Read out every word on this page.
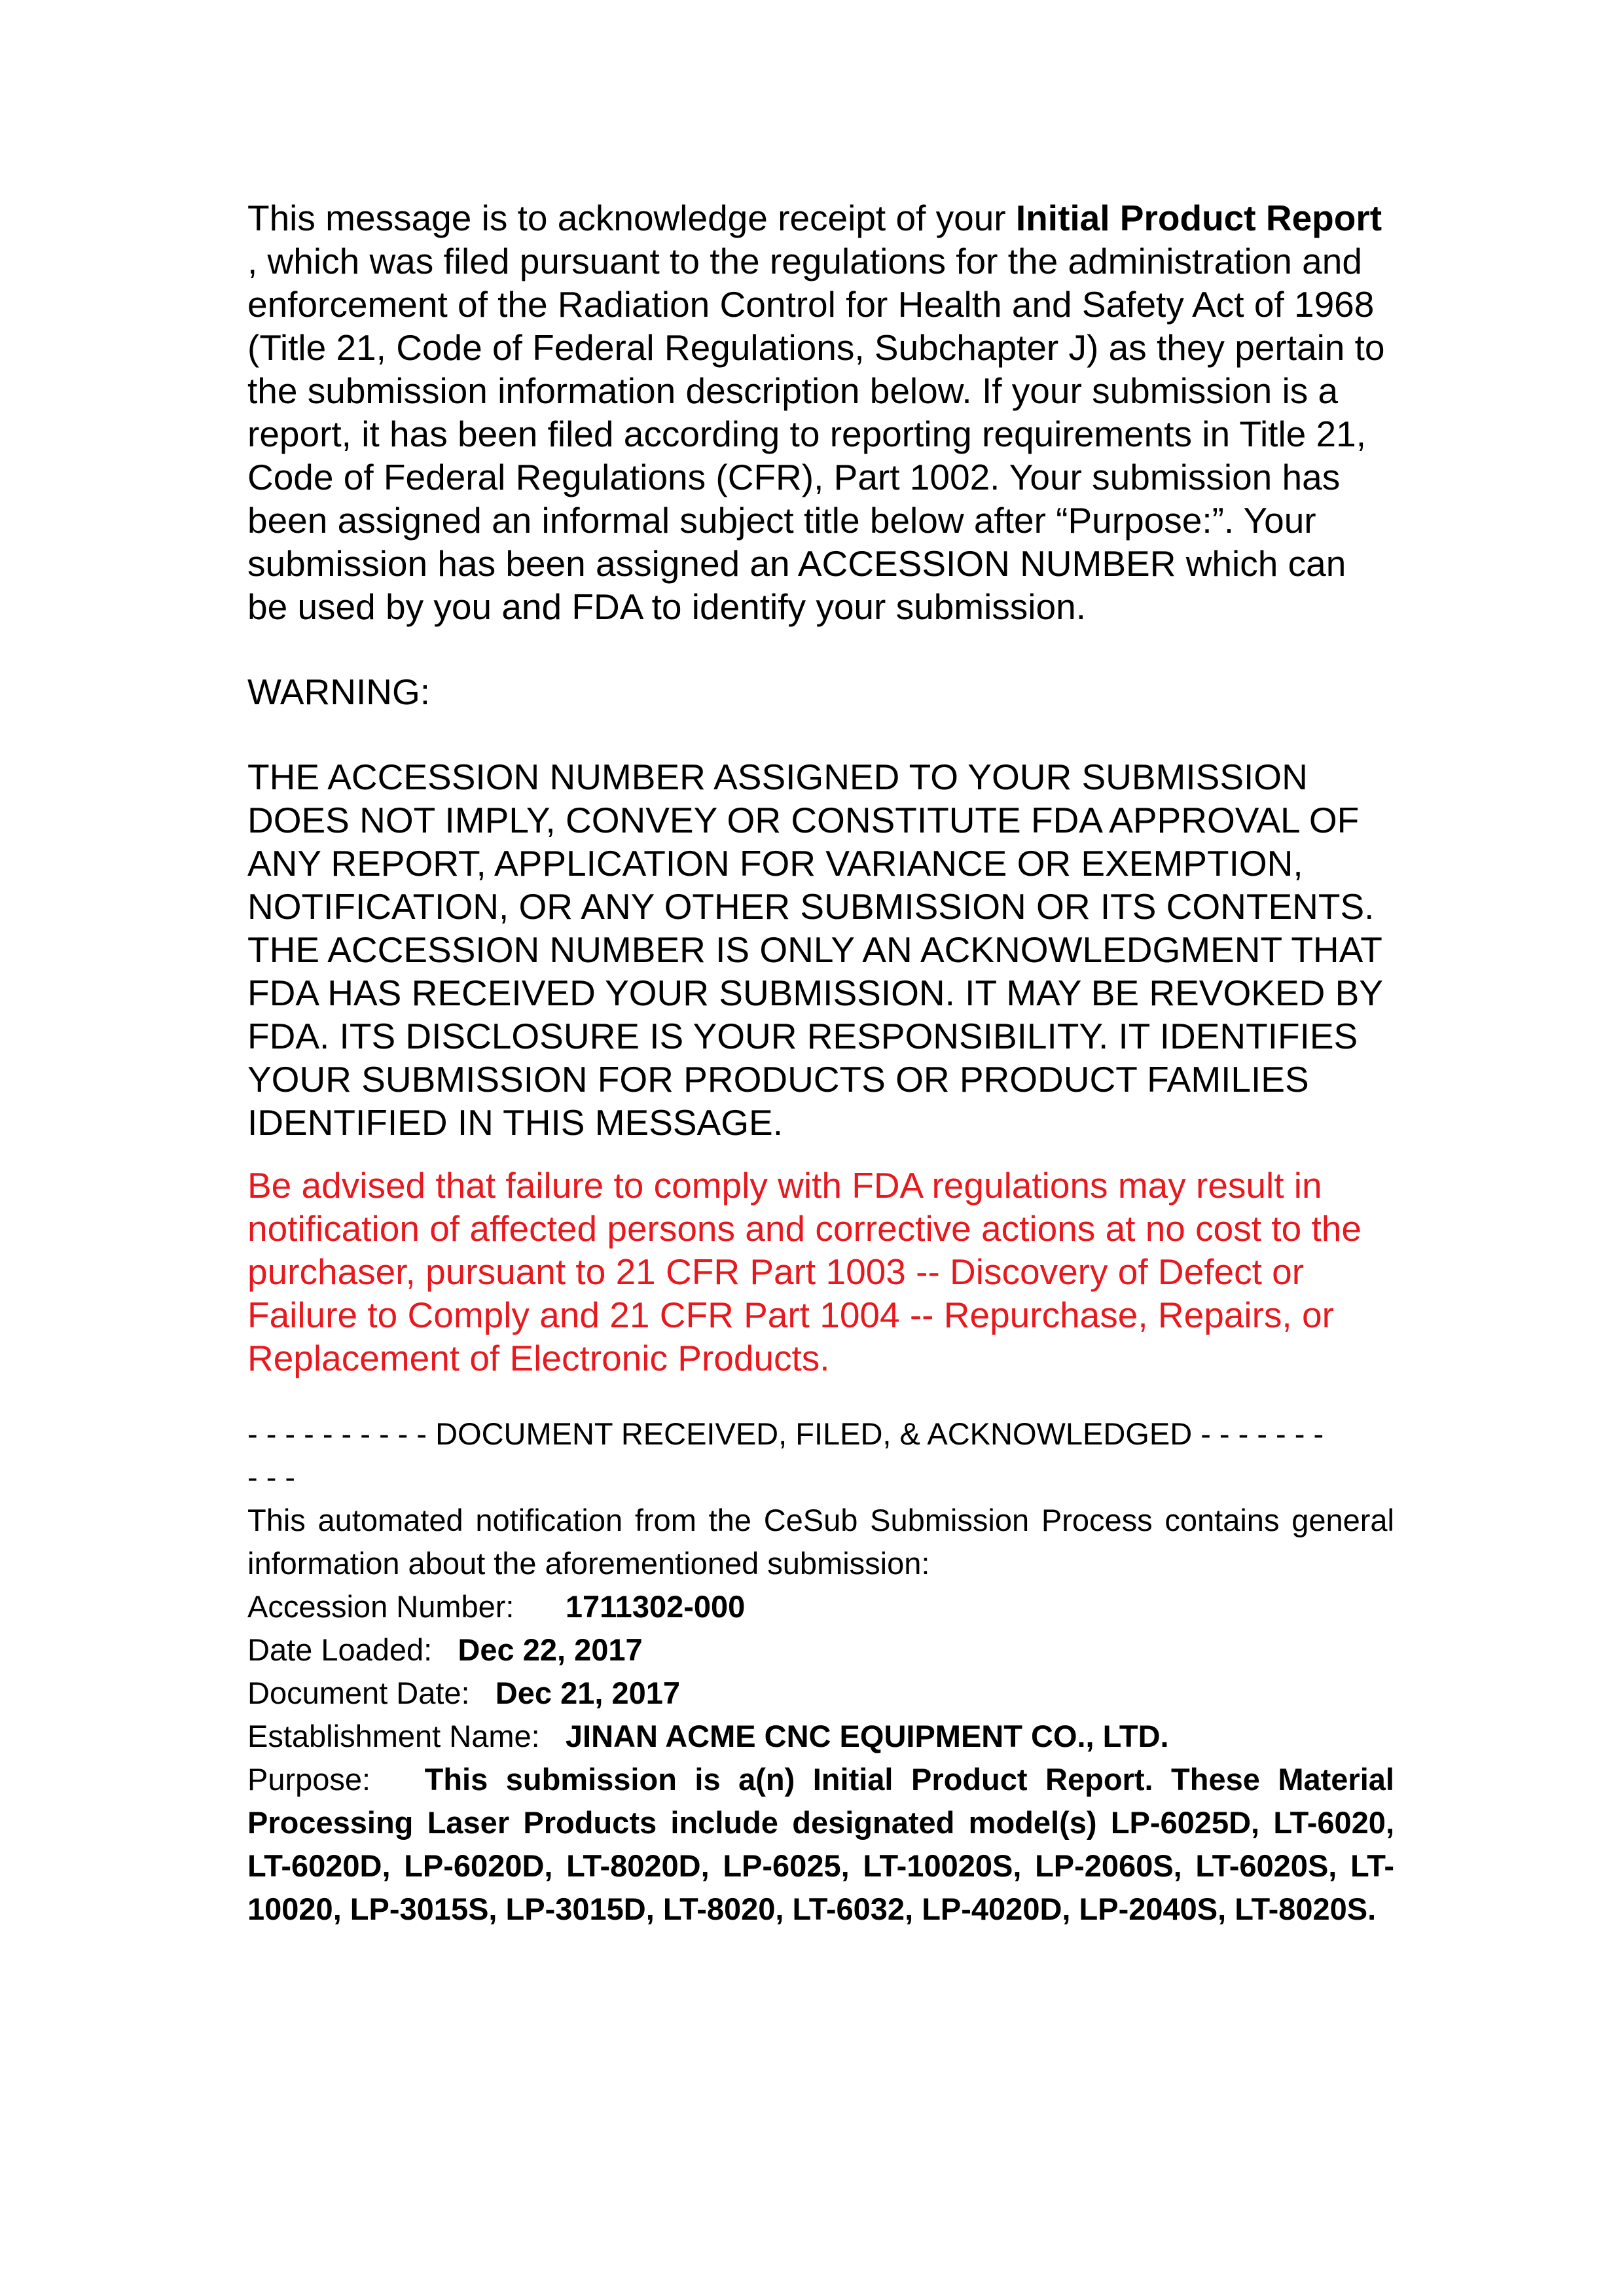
This message is to acknowledge receipt of your Initial Product Report , which was filed pursuant to the regulations for the administration and enforcement of the Radiation Control for Health and Safety Act of 1968 (Title 21, Code of Federal Regulations, Subchapter J) as they pertain to the submission information description below. If your submission is a report, it has been filed according to reporting requirements in Title 21, Code of Federal Regulations (CFR), Part 1002. Your submission has been assigned an informal subject title below after “Purpose:”. Your submission has been assigned an ACCESSION NUMBER which can be used by you and FDA to identify your submission.

WARNING:

THE ACCESSION NUMBER ASSIGNED TO YOUR SUBMISSION DOES NOT IMPLY, CONVEY OR CONSTITUTE FDA APPROVAL OF ANY REPORT, APPLICATION FOR VARIANCE OR EXEMPTION, NOTIFICATION, OR ANY OTHER SUBMISSION OR ITS CONTENTS. THE ACCESSION NUMBER IS ONLY AN ACKNOWLEDGMENT THAT FDA HAS RECEIVED YOUR SUBMISSION. IT MAY BE REVOKED BY FDA. ITS DISCLOSURE IS YOUR RESPONSIBILITY. IT IDENTIFIES YOUR SUBMISSION FOR PRODUCTS OR PRODUCT FAMILIES IDENTIFIED IN THIS MESSAGE.

Be advised that failure to comply with FDA regulations may result in notification of affected persons and corrective actions at no cost to the purchaser, pursuant to 21 CFR Part 1003 -- Discovery of Defect or Failure to Comply and 21 CFR Part 1004 -- Repurchase, Repairs, or Replacement of Electronic Products.

- - - - - - - - - - DOCUMENT RECEIVED, FILED, & ACKNOWLEDGED - - - - - - -
- - -

This automated notification from the CeSub Submission Process contains general information about the aforementioned submission:

Accession Number: 1711302-000

Date Loaded: Dec 22, 2017

Document Date: Dec 21, 2017

Establishment Name: JINAN ACME CNC EQUIPMENT CO., LTD.

Purpose: This submission is a(n) Initial Product Report. These Material Processing Laser Products include designated model(s) LP-6025D, LT-6020, LT-6020D, LP-6020D, LT-8020D, LP-6025, LT-10020S, LP-2060S, LT-6020S, LT-10020, LP-3015S, LP-3015D, LT-8020, LT-6032, LP-4020D, LP-2040S, LT-8020S.
